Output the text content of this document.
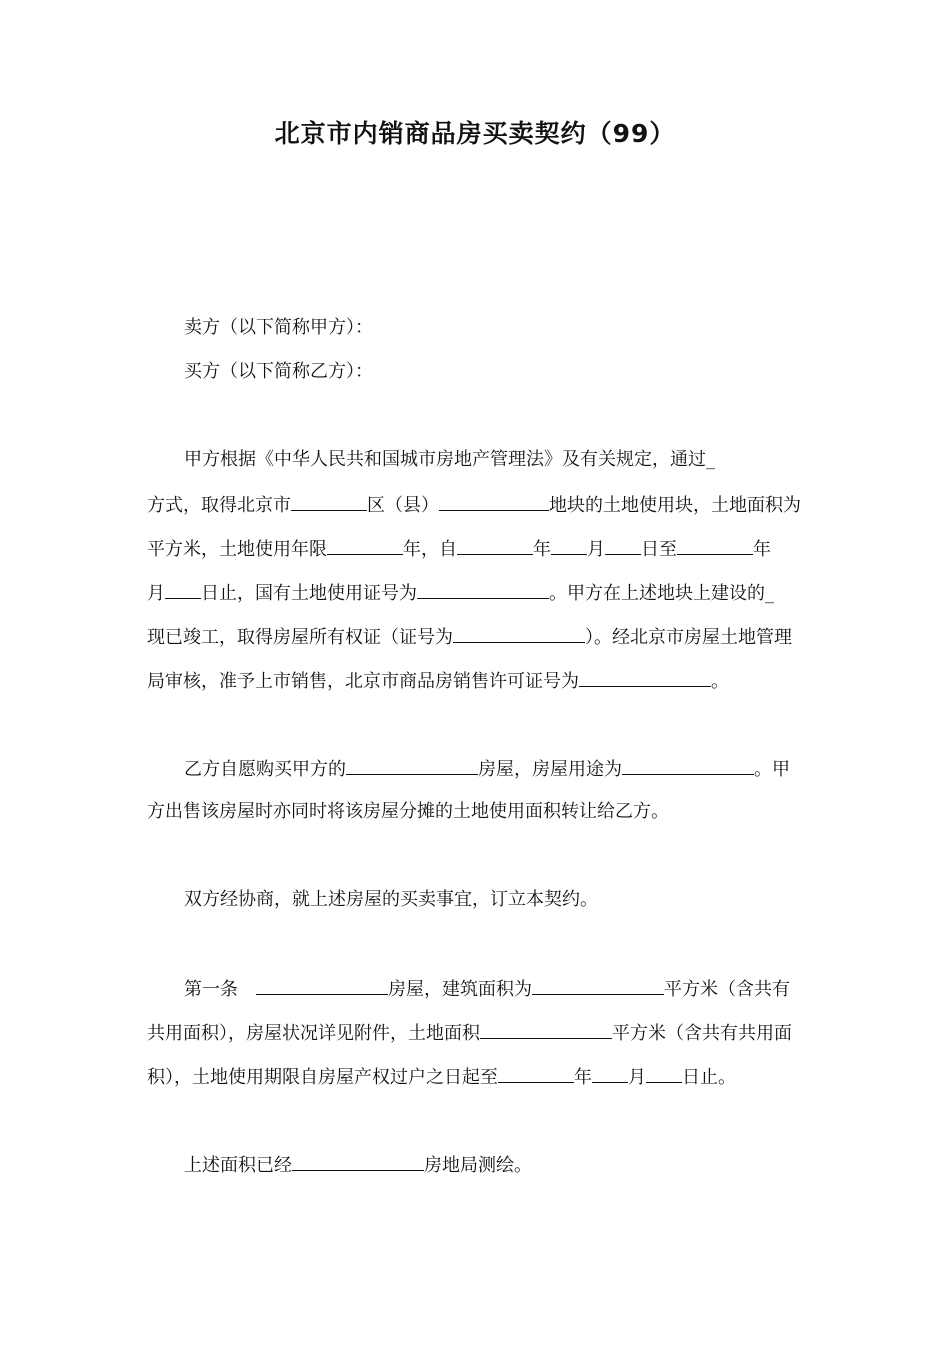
北京市内销商品房买卖契约（99）
卖方（以下简称甲方）：
买方（以下简称乙方）：
甲方根据《中华人民共和国城市房地产管理法》及有关规定，通过_
方式，取得北京市	区（县）	地块的土地使用块，土地面积为
平方米，土地使用年限	年，自	年 月 日至	年
月 日止，国有土地使用证号为	。甲方在上述地块上建设的_
现已竣工，取得房屋所有权证（证号为	）。经北京市房屋土地管理
局审核，准予上市销售，北京市商品房销售许可证号为	。
乙方自愿购买甲方的	房屋，房屋用途为	。甲
方出售该房屋时亦同时将该房屋分摊的土地使用面积转让给乙方。
双方经协商，就上述房屋的买卖事宜，订立本契约。
第一条	房屋，建筑面积为	平方米（含共有
共用面积），房屋状况详见附件，土地面积	平方米（含共有共用面
积），土地使用期限自房屋产权过户之日起至	年 月 日止。
上述面积已经	房地局测绘。
